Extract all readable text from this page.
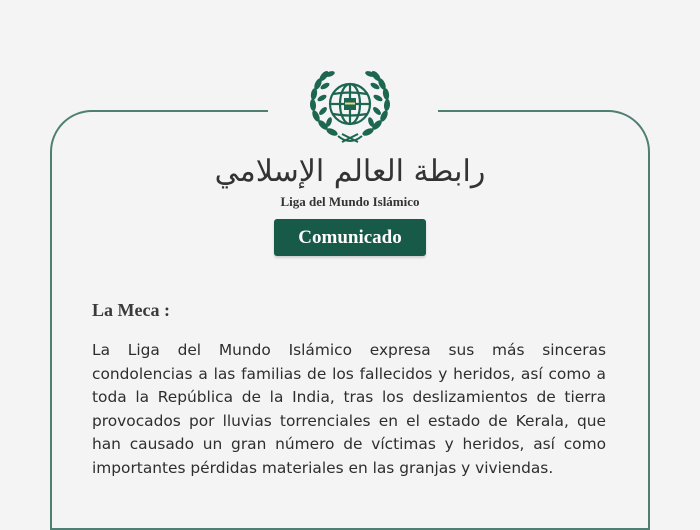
رابطة العالم الإسلامي
Liga del Mundo Islámico
Comunicado
La Meca :
La Liga del Mundo Islámico expresa sus más sinceras condolencias a las familias de los fallecidos y heridos, así como a toda la República de la India, tras los deslizamientos de tierra provocados por lluvias torrenciales en el estado de Kerala, que han causado un gran número de víctimas y heridos, así como importantes pérdidas materiales en las granjas y viviendas.
